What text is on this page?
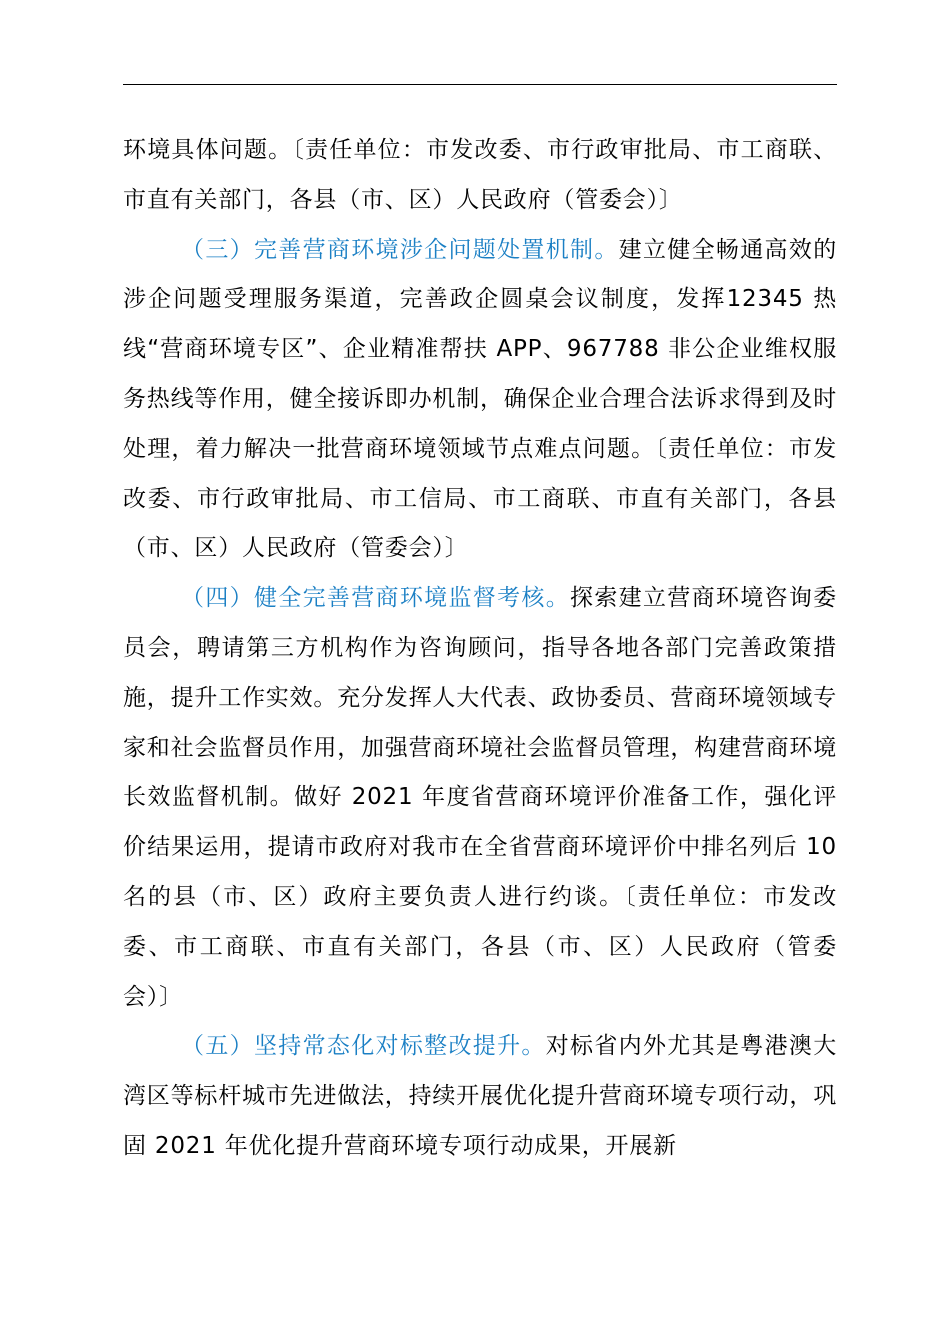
环境具体问题。〔责任单位：市发改委、市行政审批局、市工商联、市直有关部门，各县（市、区）人民政府（管委会）〕

（三）完善营商环境涉企问题处置机制。建立健全畅通高效的涉企问题受理服务渠道，完善政企圆桌会议制度，发挥12345 热线“营商环境专区”、企业精准帮扶 APP、967788 非公企业维权服务热线等作用，健全接诉即办机制，确保企业合理合法诉求得到及时处理，着力解决一批营商环境领域节点难点问题。〔责任单位：市发改委、市行政审批局、市工信局、市工商联、市直有关部门，各县（市、区）人民政府（管委会）〕

（四）健全完善营商环境监督考核。探索建立营商环境咨询委员会，聘请第三方机构作为咨询顾问，指导各地各部门完善政策措施，提升工作实效。充分发挥人大代表、政协委员、营商环境领域专家和社会监督员作用，加强营商环境社会监督员管理，构建营商环境长效监督机制。做好 2021 年度省营商环境评价准备工作，强化评价结果运用，提请市政府对我市在全省营商环境评价中排名列后 10 名的县（市、区）政府主要负责人进行约谈。〔责任单位：市发改委、市工商联、市直有关部门，各县（市、区）人民政府（管委会）〕

（五）坚持常态化对标整改提升。对标省内外尤其是粤港澳大湾区等标杆城市先进做法，持续开展优化提升营商环境专项行动，巩固 2021 年优化提升营商环境专项行动成果，开展新
